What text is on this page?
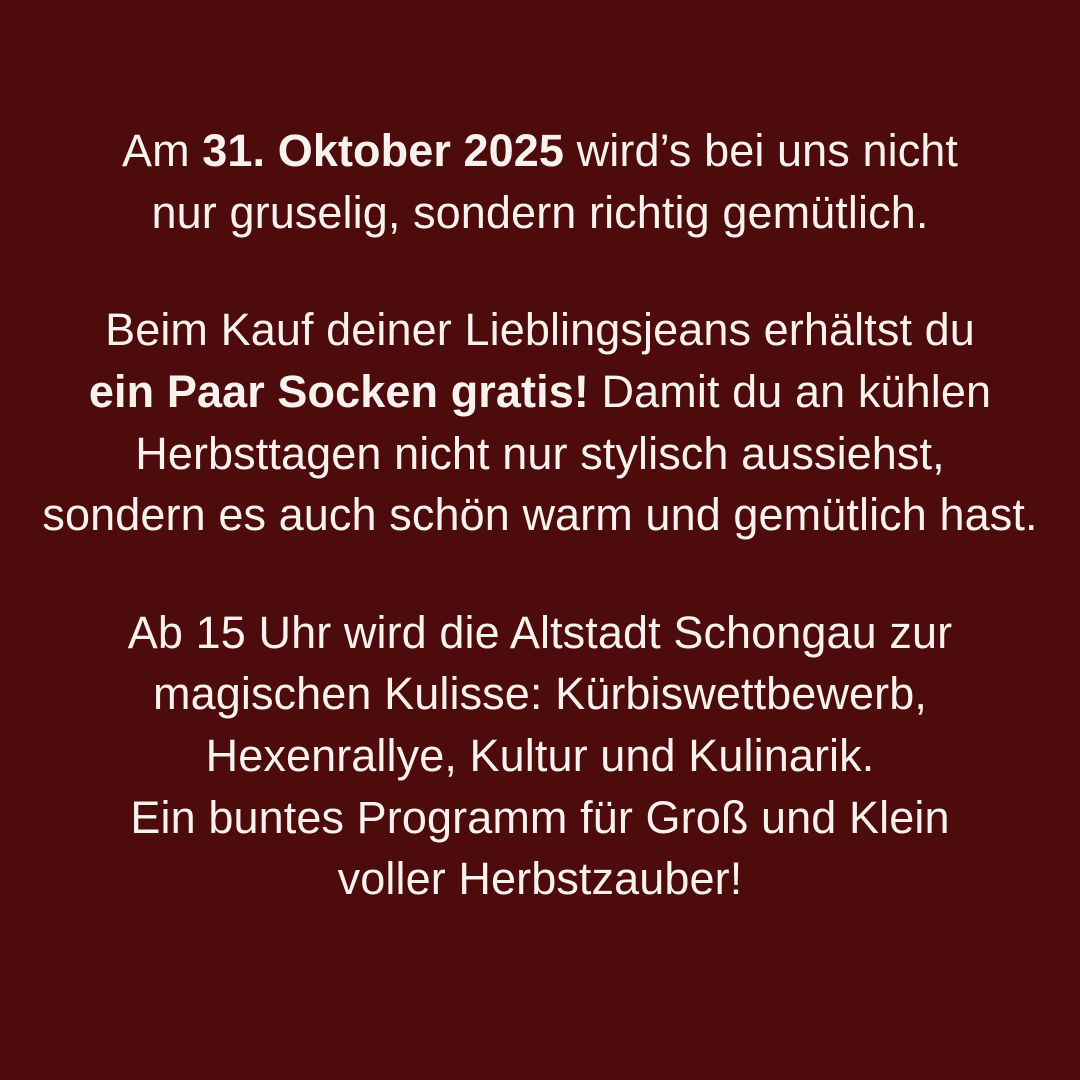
Am 31. Oktober 2025 wird’s bei uns nicht
nur gruselig, sondern richtig gemütlich.
Beim Kauf deiner Lieblingsjeans erhältst du
ein Paar Socken gratis! Damit du an kühlen
Herbsttagen nicht nur stylisch aussiehst,
sondern es auch schön warm und gemütlich hast.
Ab 15 Uhr wird die Altstadt Schongau zur
magischen Kulisse: Kürbiswettbewerb,
Hexenrallye, Kultur und Kulinarik.
Ein buntes Programm für Groß und Klein
voller Herbstzauber!
